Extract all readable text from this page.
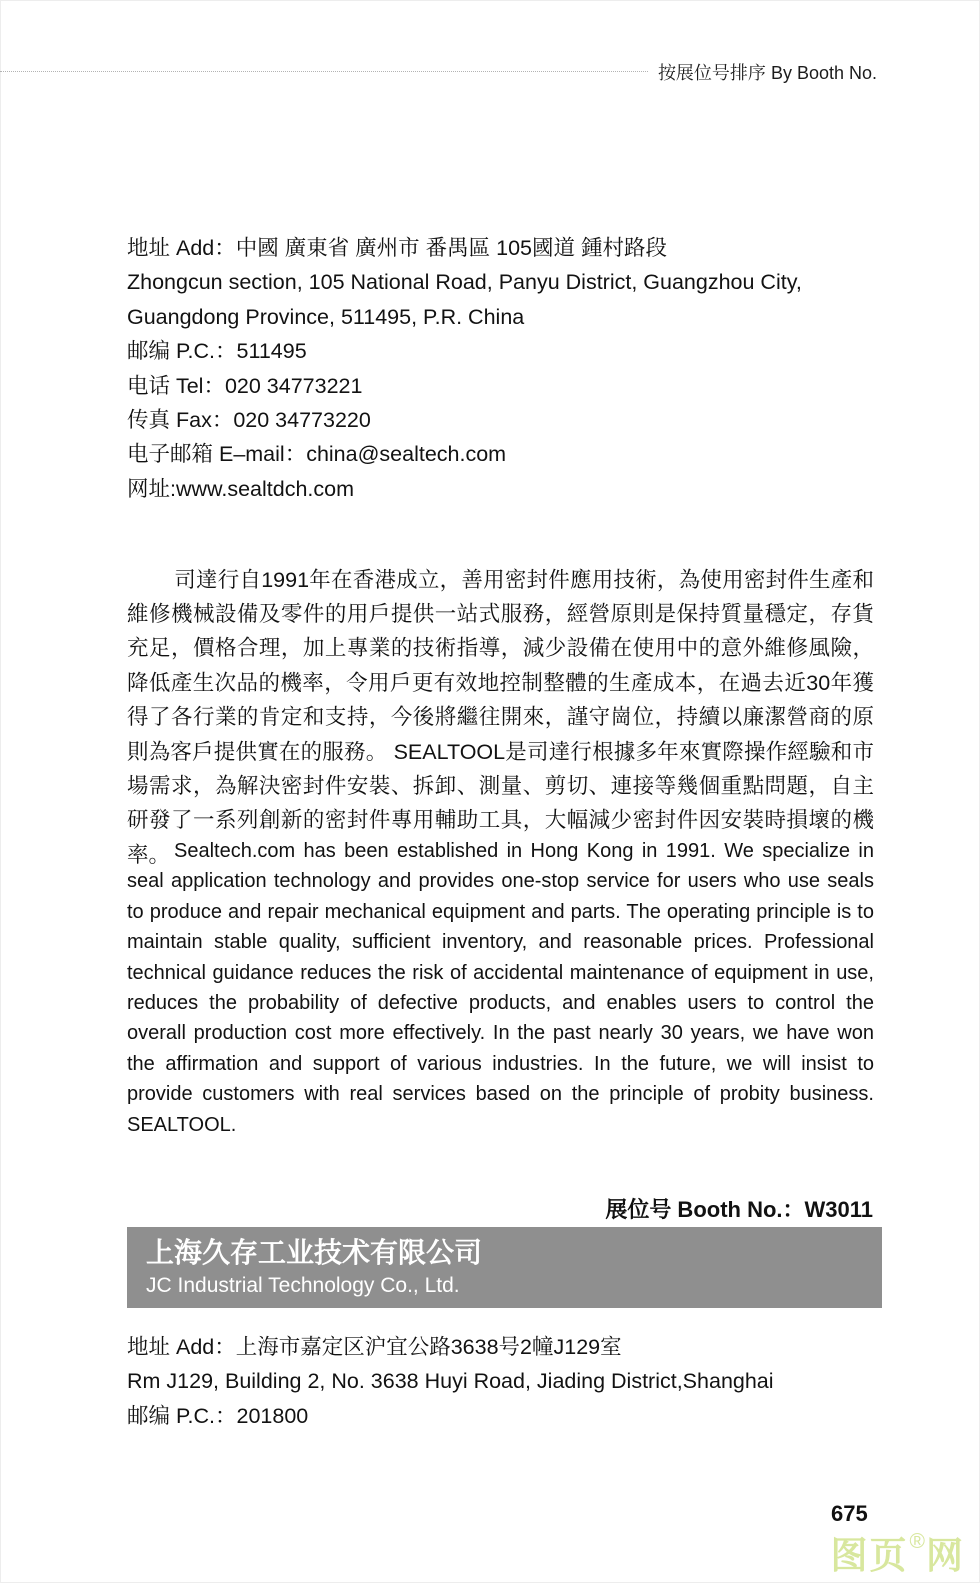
按展位号排序 By Booth No.
地址 Add：中國 廣東省 廣州市 番禺區 105國道 鍾村路段
Zhongcun section, 105 National Road, Panyu District, Guangzhou City,
Guangdong Province, 511495, P.R. China
邮编 P.C.：511495
电话 Tel：020 34773221
传真 Fax：020 34773220
电子邮箱 E–mail：china@sealtech.com
网址:www.sealtdch.com

司達行自1991年在香港成立，善用密封件應用技術，為使用密封件生產和維修機械設備及零件的用戶提供一站式服務，經營原則是保持質量穩定，存貨充足，價格合理，加上專業的技術指導，減少設備在使用中的意外維修風險，降低產生次品的機率，令用戶更有效地控制整體的生產成本，在過去近30年獲得了各行業的肯定和支持，今後將繼往開來，謹守崗位，持續以廉潔營商的原則為客戶提供實在的服務。 SEALTOOL是司達行根據多年來實際操作經驗和市場需求，為解決密封件安裝、拆卸、測量、剪切、連接等幾個重點問題，自主研發了一系列創新的密封件專用輔助工具，大幅減少密封件因安裝時損壞的機率。 Sealtech.com has been established in Hong Kong in 1991. We specialize in seal application technology and provides one-stop service for users who use seals to produce and repair mechanical equipment and parts. The operating principle is to maintain stable quality, sufficient inventory, and reasonable prices. Professional technical guidance reduces the risk of accidental maintenance of equipment in use, reduces the probability of defective products, and enables users to control the overall production cost more effectively. In the past nearly 30 years, we have won the affirmation and support of various industries. In the future, we will insist to provide customers with real services based on the principle of probity business. SEALTOOL.

展位号 Booth No.：W3011
上海久存工业技术有限公司
JC Industrial Technology Co., Ltd.
地址 Add：上海市嘉定区沪宜公路3638号2幢J129室
Rm J129, Building 2, No. 3638 Huyi Road, Jiading District,Shanghai
邮编 P.C.：201800
675
图页®网
